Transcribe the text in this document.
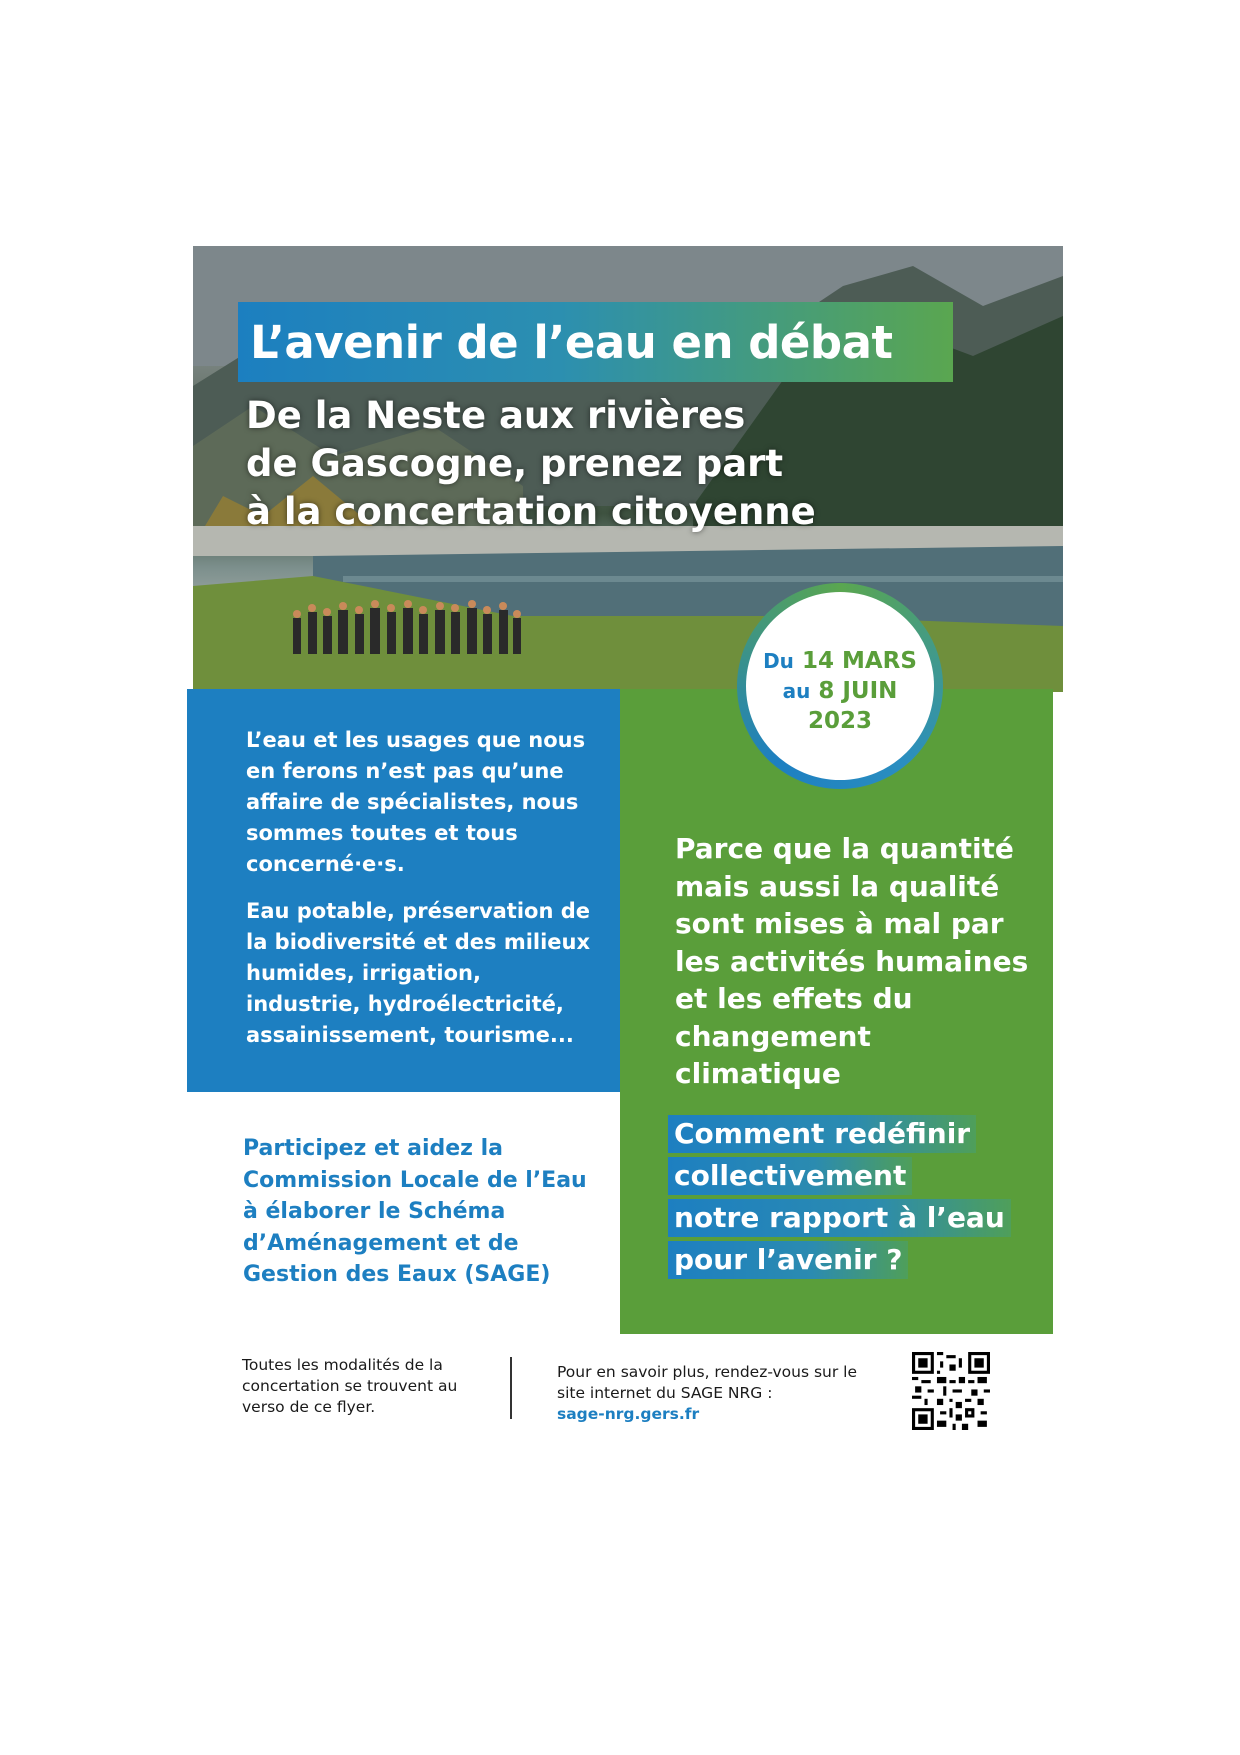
L’avenir de l’eau en débat
De la Neste aux rivières
de Gascogne, prenez part
à la concertation citoyenne

L’eau et les usages que nous en ferons n’est pas qu’une affaire de spécialistes, nous sommes toutes et tous concerné·e·s.

Eau potable, préservation de la biodiversité et des milieux humides, irrigation, industrie, hydroélectricité, assainissement, tourisme...

Parce que la quantité mais aussi la qualité sont mises à mal par les activités humaines et les effets du changement climatique
Comment redéfinir
collectivement
notre rapport à l’eau
pour l’avenir ?
Du 14 MARS
au 8 JUIN
2023
Participez et aidez la Commission Locale de l’Eau à élaborer le Schéma d’Aménagement et de Gestion des Eaux (SAGE)
Toutes les modalités de la concertation se trouvent au verso de ce flyer.
Pour en savoir plus, rendez-vous sur le site internet du SAGE NRG :
sage-nrg.gers.fr
